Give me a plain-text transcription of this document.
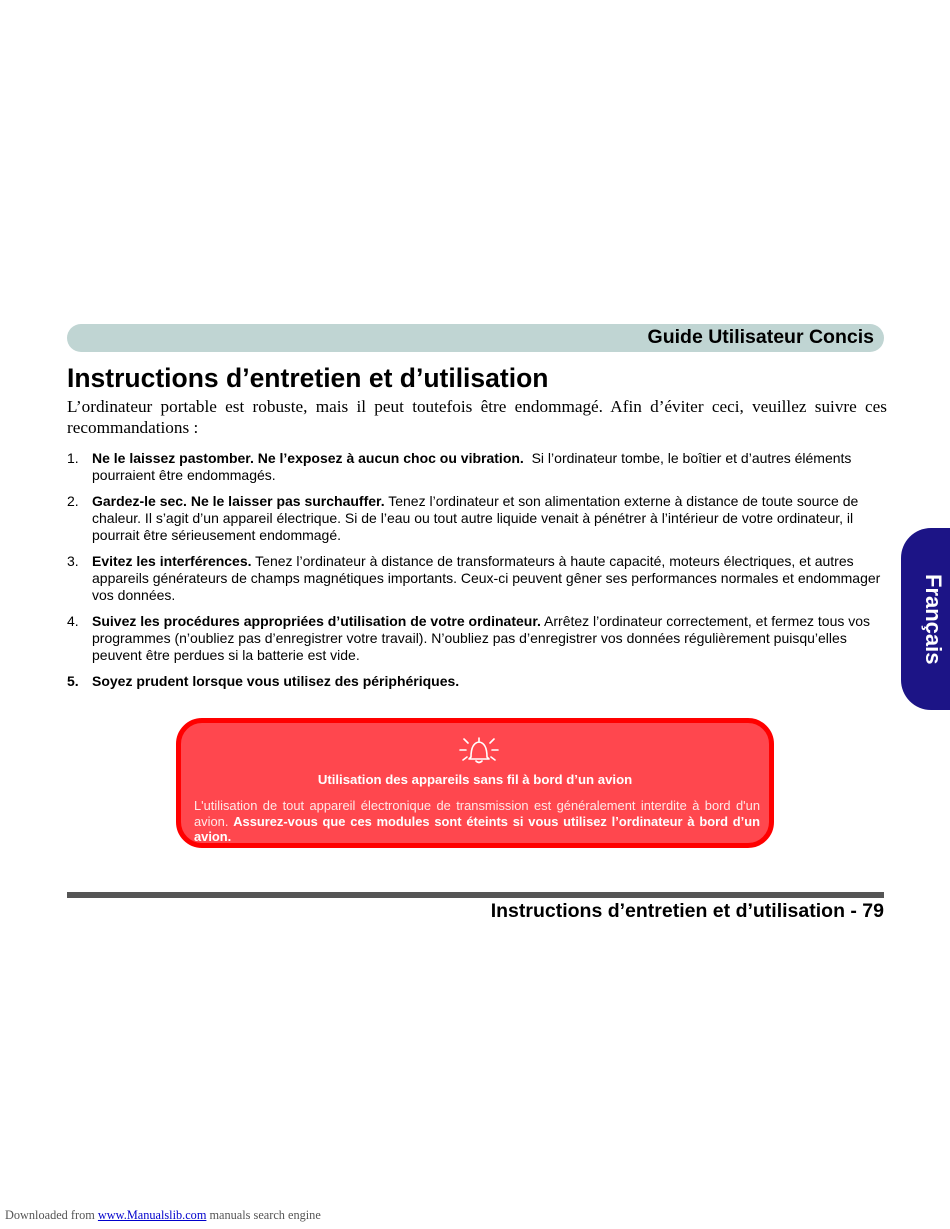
Guide Utilisateur Concis
Instructions d’entretien et d’utilisation

L’ordinateur portable est robuste, mais il peut toutefois être endommagé. Afin d’éviter ceci, veuillez suivre ces recommandations :

1. Ne le laissez pastomber. Ne l’exposez à aucun choc ou vibration. Si l’ordinateur tombe, le boîtier et d’autres éléments pourraient être endommagés.
2. Gardez-le sec. Ne le laisser pas surchauffer. Tenez l’ordinateur et son alimentation externe à distance de toute source de chaleur. Il s’agit d’un appareil électrique. Si de l’eau ou tout autre liquide venait à pénétrer à l’intérieur de votre ordinateur, il pourrait être sérieusement endommagé.
3. Evitez les interférences. Tenez l’ordinateur à distance de transformateurs à haute capacité, moteurs électriques, et autres appareils générateurs de champs magnétiques importants. Ceux-ci peuvent gêner ses performances normales et endommager vos données.
4. Suivez les procédures appropriées d’utilisation de votre ordinateur. Arrêtez l’ordinateur correctement, et fermez tous vos programmes (n’oubliez pas d’enregistrer votre travail). N’oubliez pas d’enregistrer vos données régulièrement puisqu’elles peuvent être perdues si la batterie est vide.
5. Soyez prudent lorsque vous utilisez des périphériques.
Utilisation des appareils sans fil à bord d’un avion
L'utilisation de tout appareil électronique de transmission est généralement interdite à bord d'un avion. Assurez-vous que ces modules sont éteints si vous utilisez l’ordinateur à bord d’un avion.
Instructions d’entretien et d’utilisation - 79
Français
Downloaded from www.Manualslib.com manuals search engine
